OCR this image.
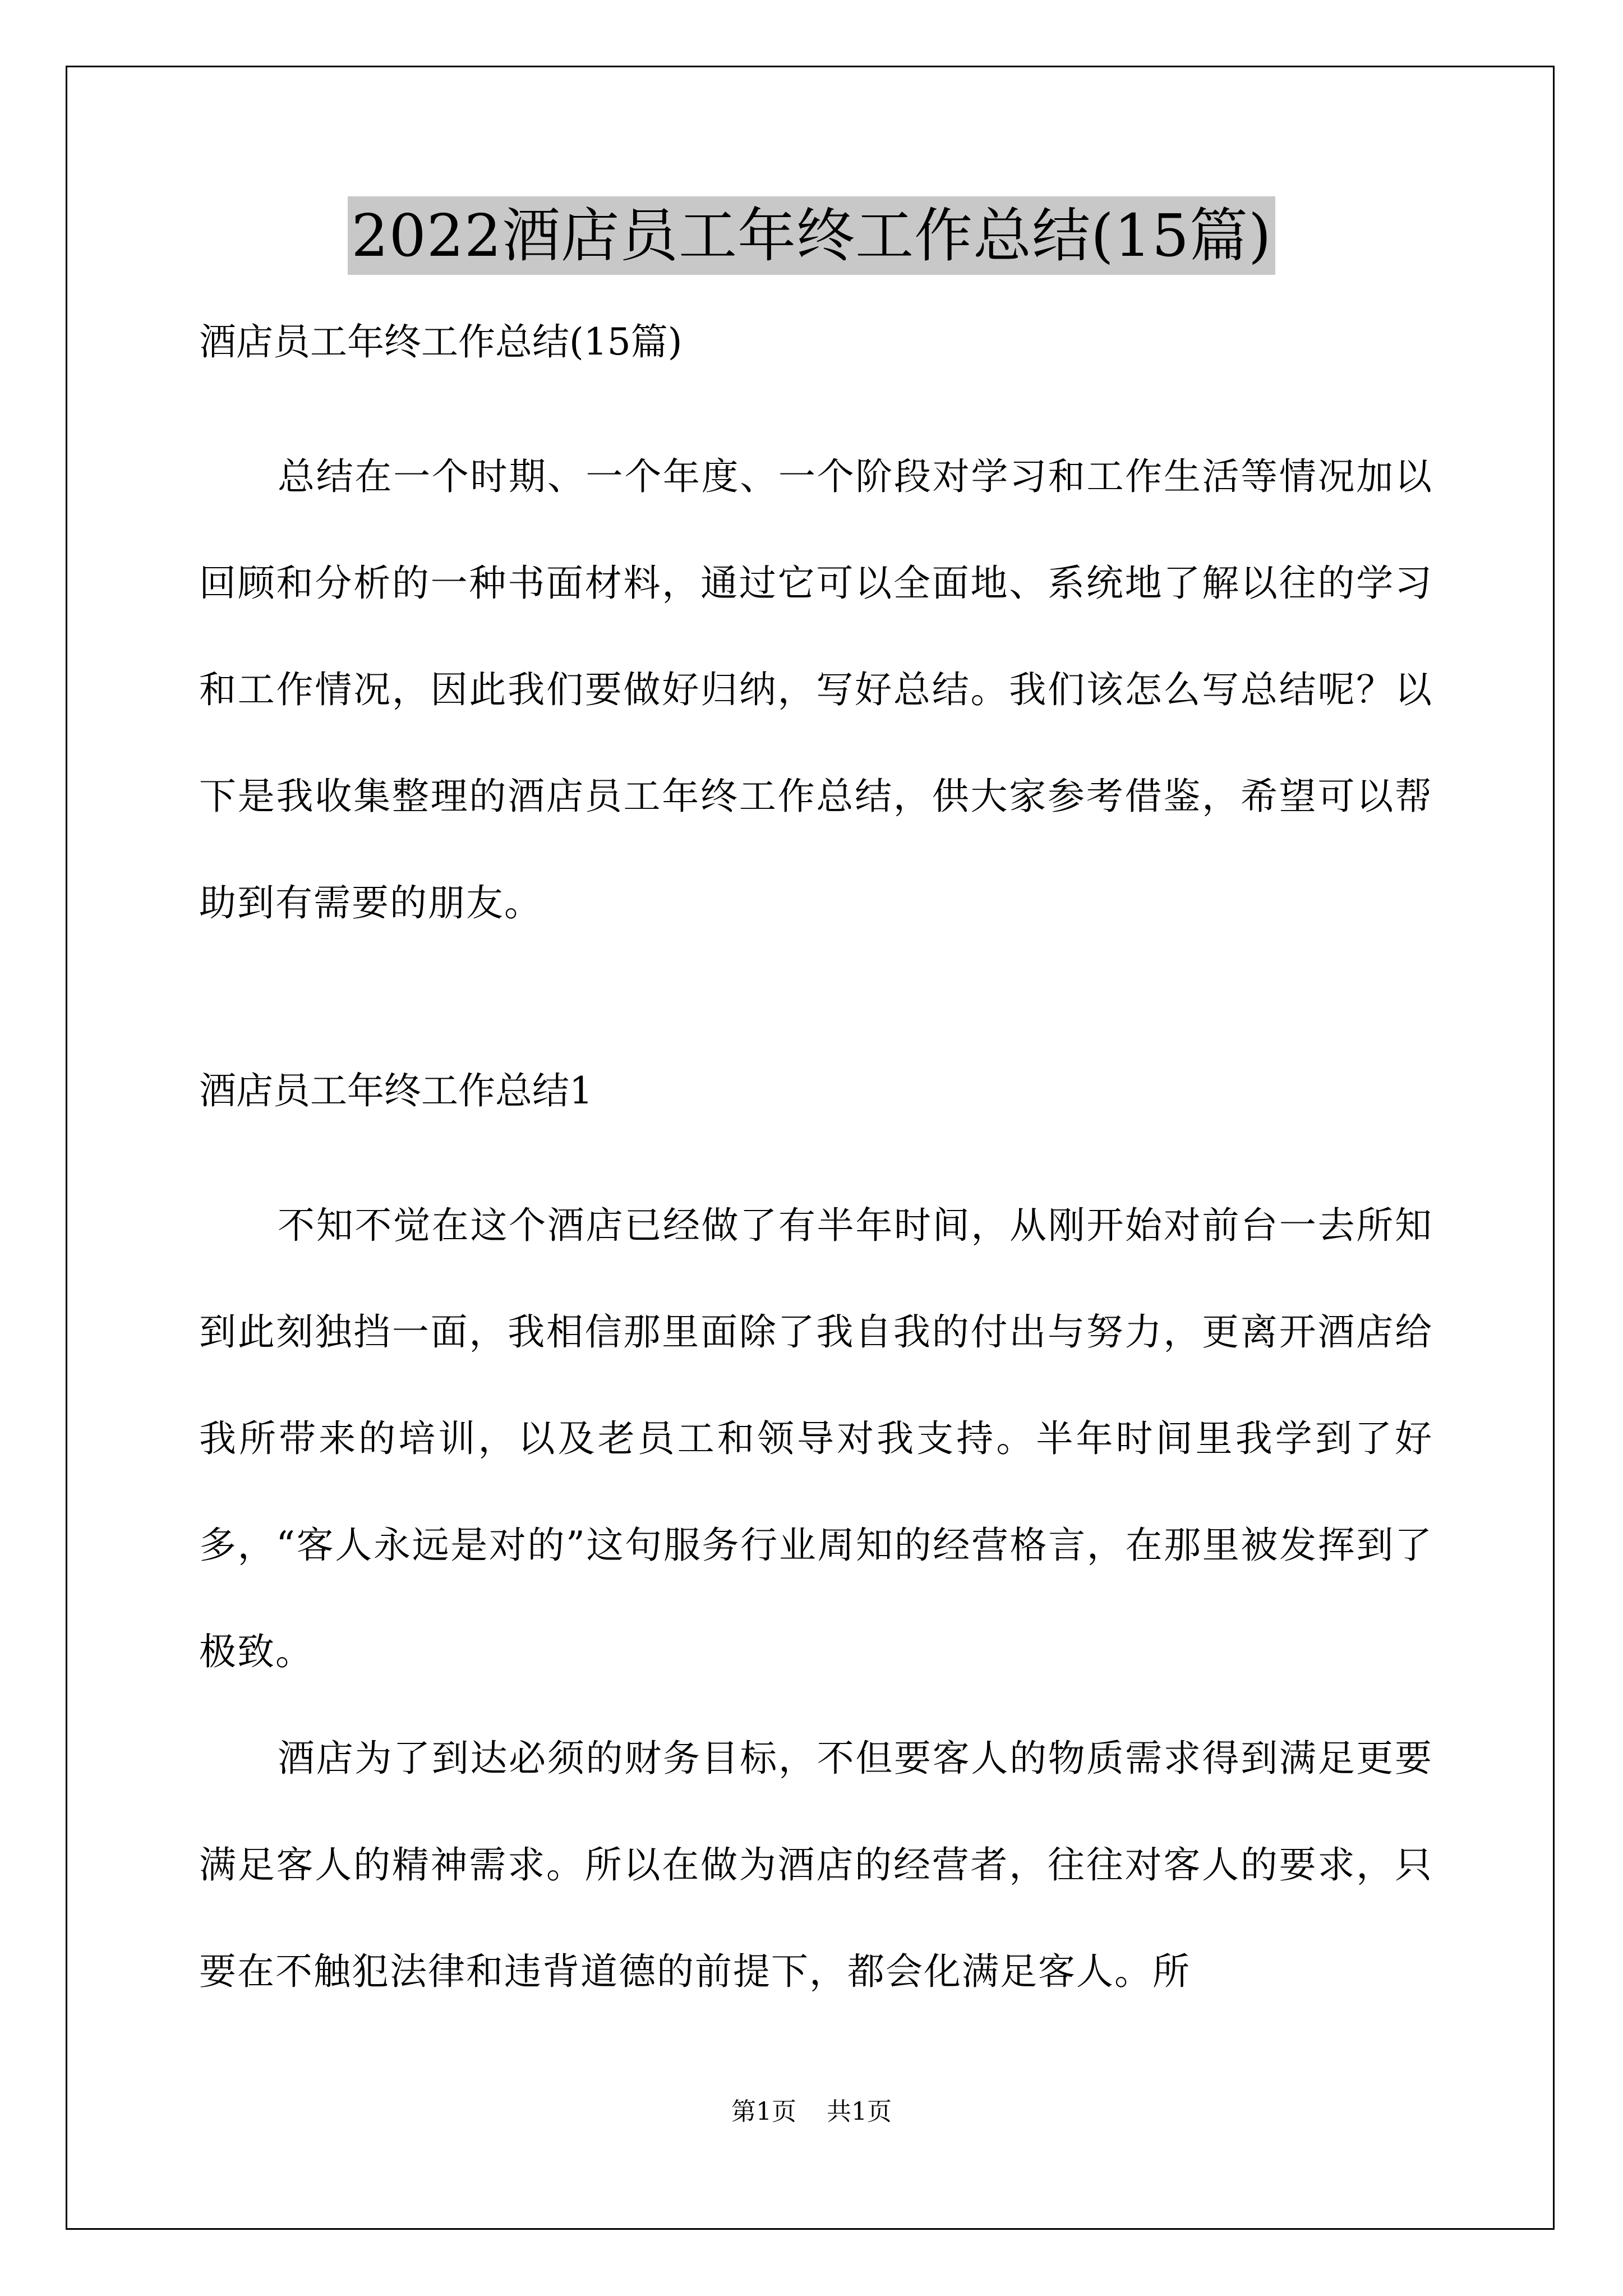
2022酒店员工年终工作总结(15篇)

酒店员工年终工作总结(15篇)

总结在一个时期、一个年度、一个阶段对学习和工作生活等情况加以回顾和分析的一种书面材料，通过它可以全面地、系统地了解以往的学习和工作情况，因此我们要做好归纳，写好总结。我们该怎么写总结呢？以下是我收集整理的酒店员工年终工作总结，供大家参考借鉴，希望可以帮助到有需要的朋友。

酒店员工年终工作总结1

不知不觉在这个酒店已经做了有半年时间，从刚开始对前台一去所知到此刻独挡一面，我相信那里面除了我自我的付出与努力，更离开酒店给我所带来的培训，以及老员工和领导对我支持。半年时间里我学到了好多，“客人永远是对的”这句服务行业周知的经营格言，在那里被发挥到了极致。

酒店为了到达必须的财务目标，不但要客人的物质需求得到满足更要满足客人的精神需求。所以在做为酒店的经营者，往往对客人的要求，只要在不触犯法律和违背道德的前提下，都会化满足客人。所

第1页 共1页
